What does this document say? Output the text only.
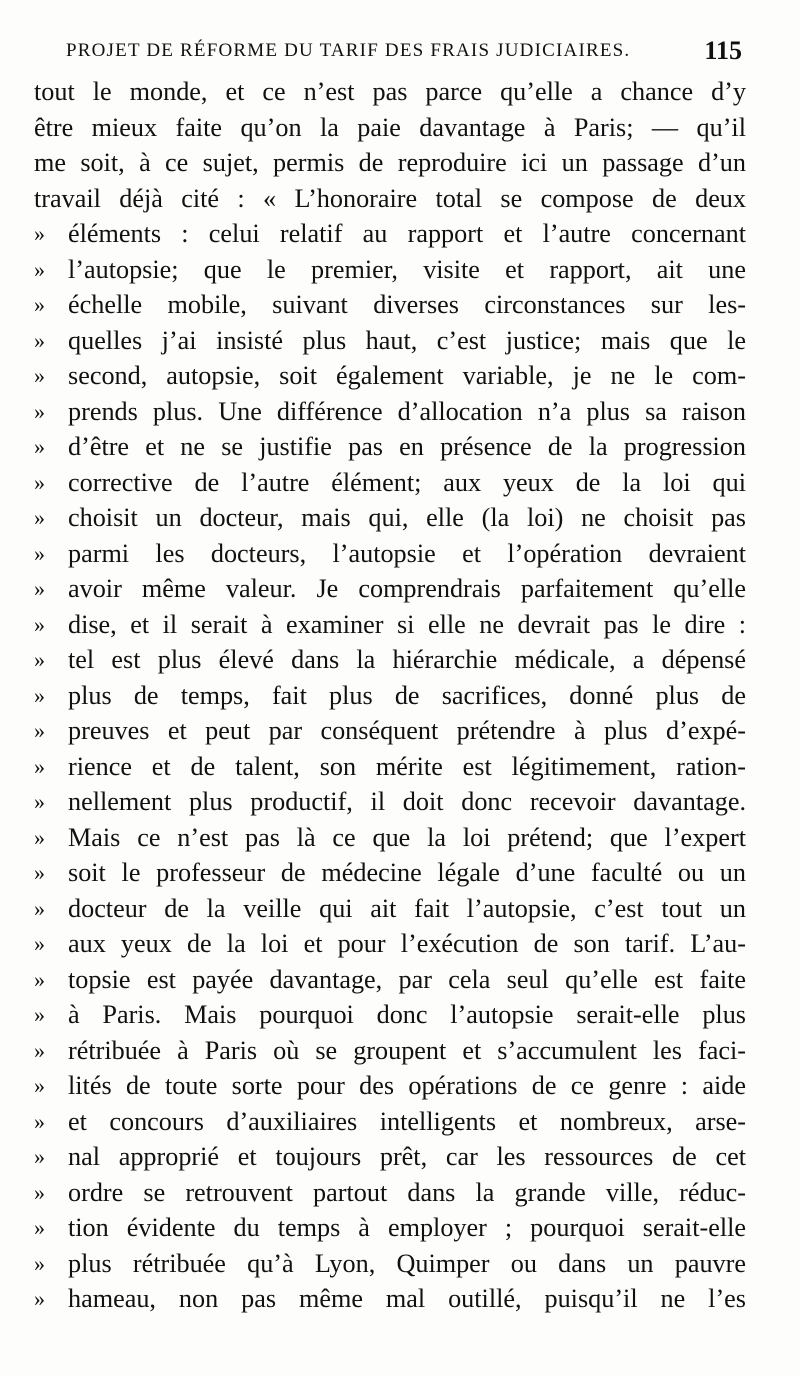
PROJET DE RÉFORME DU TARIF DES FRAIS JUDICIAIRES.	115
tout le monde, et ce n’est pas parce qu’elle a chance d’y
être mieux faite qu’on la paie davantage à Paris; — qu’il
me soit, à ce sujet, permis de reproduire ici un passage d’un
travail déjà cité : « L’honoraire total se compose de deux
» éléments : celui relatif au rapport et l’autre concernant
» l’autopsie; que le premier, visite et rapport, ait une
» échelle mobile, suivant diverses circonstances sur les-
» quelles j’ai insisté plus haut, c’est justice; mais que le
» second, autopsie, soit également variable, je ne le com-
» prends plus. Une différence d’allocation n’a plus sa raison
» d’être et ne se justifie pas en présence de la progression
» corrective de l’autre élément; aux yeux de la loi qui
» choisit un docteur, mais qui, elle (la loi) ne choisit pas
» parmi les docteurs, l’autopsie et l’opération devraient
» avoir même valeur. Je comprendrais parfaitement qu’elle
» dise, et il serait à examiner si elle ne devrait pas le dire :
» tel est plus élevé dans la hiérarchie médicale, a dépensé
» plus de temps, fait plus de sacrifices, donné plus de
» preuves et peut par conséquent prétendre à plus d’expé-
» rience et de talent, son mérite est légitimement, ration-
» nellement plus productif, il doit donc recevoir davantage.
» Mais ce n’est pas là ce que la loi prétend; que l’expert
» soit le professeur de médecine légale d’une faculté ou un
» docteur de la veille qui ait fait l’autopsie, c’est tout un
» aux yeux de la loi et pour l’exécution de son tarif. L’au-
» topsie est payée davantage, par cela seul qu’elle est faite
» à Paris. Mais pourquoi donc l’autopsie serait-elle plus
» rétribuée à Paris où se groupent et s’accumulent les faci-
» lités de toute sorte pour des opérations de ce genre : aide
» et concours d’auxiliaires intelligents et nombreux, arse-
» nal approprié et toujours prêt, car les ressources de cet
» ordre se retrouvent partout dans la grande ville, réduc-
» tion évidente du temps à employer ; pourquoi serait-elle
» plus rétribuée qu’à Lyon, Quimper ou dans un pauvre
» hameau, non pas même mal outillé, puisqu’il ne l’es
